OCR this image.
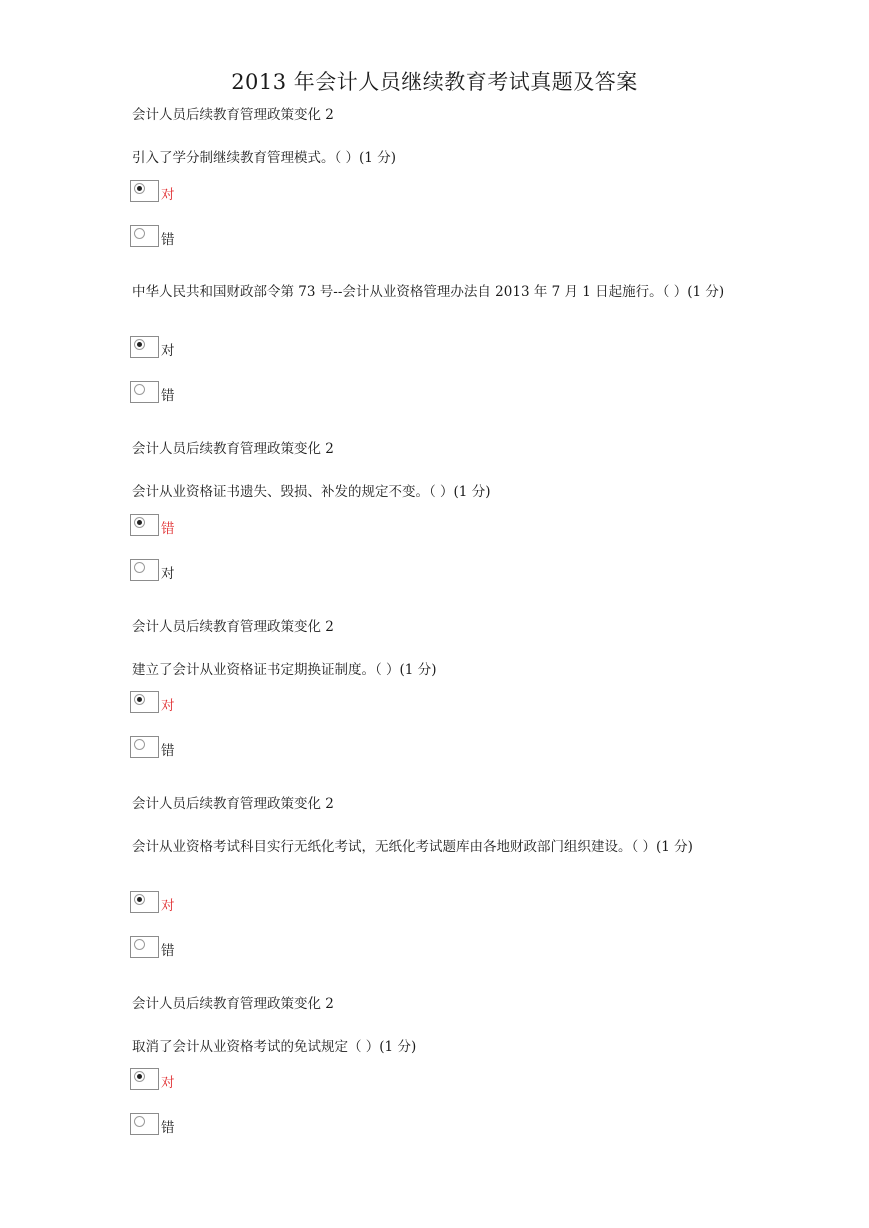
2013 年会计人员继续教育考试真题及答案
会计人员后续教育管理政策变化 2
引入了学分制继续教育管理模式。（ ）(1 分)
对
错
中华人民共和国财政部令第 73 号--会计从业资格管理办法自 2013 年 7 月 1 日起施行。（ ）(1 分)
对
错
会计人员后续教育管理政策变化 2
会计从业资格证书遗失、毁损、补发的规定不变。（ ）(1 分)
错
对
会计人员后续教育管理政策变化 2
建立了会计从业资格证书定期换证制度。（ ）(1 分)
对
错
会计人员后续教育管理政策变化 2
会计从业资格考试科目实行无纸化考试，无纸化考试题库由各地财政部门组织建设。（ ）(1 分)
对
错
会计人员后续教育管理政策变化 2
取消了会计从业资格考试的免试规定（ ）(1 分)
对
错
